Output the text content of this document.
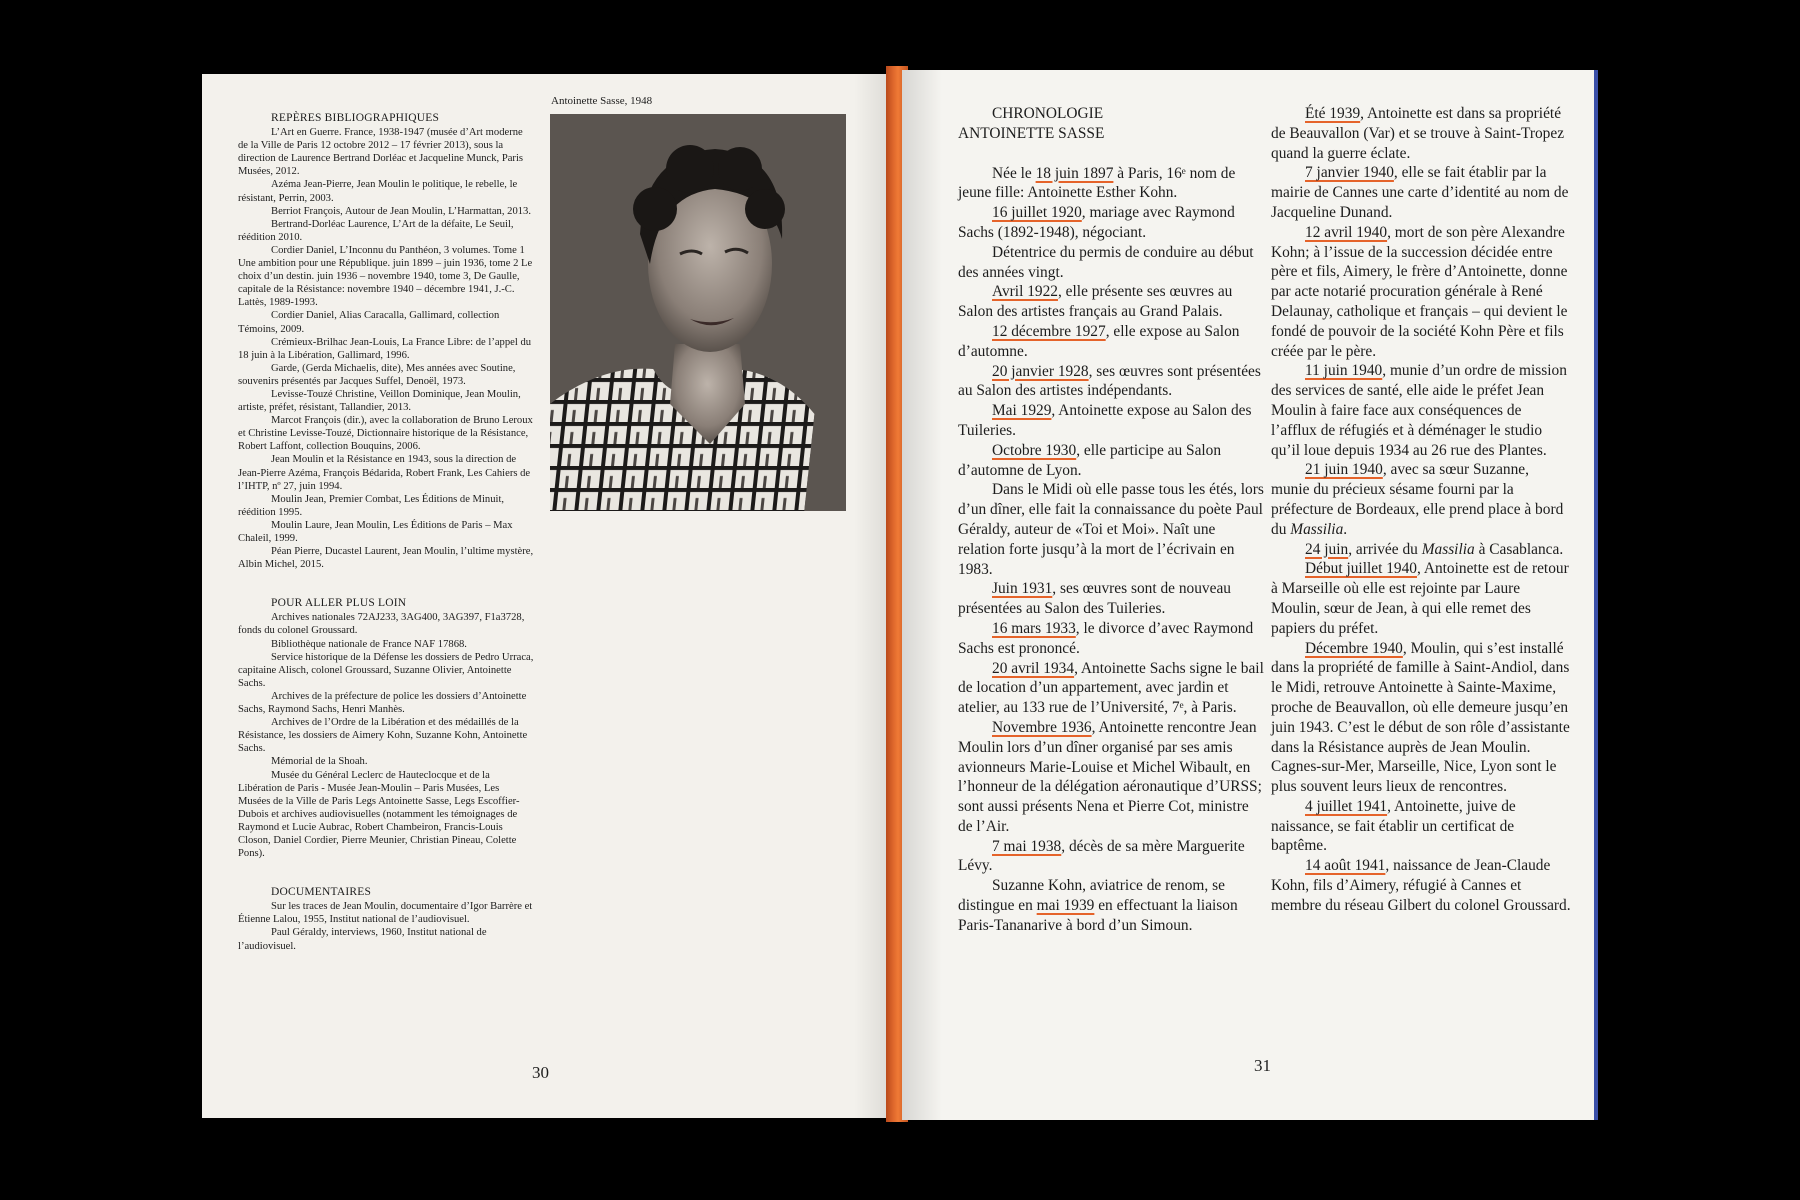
REPÈRES BIBLIOGRAPHIQUES

L’Art en Guerre. France, 1938-1947 (musée d’Art moderne de la Ville de Paris 12 octobre 2012 – 17 février 2013), sous la direction de Laurence Bertrand Dorléac et Jacqueline Munck, Paris Musées, 2012.

Azéma Jean-Pierre, Jean Moulin le politique, le rebelle, le résistant, Perrin, 2003.

Berriot François, Autour de Jean Moulin, L’Harmattan, 2013.

Bertrand-Dorléac Laurence, L’Art de la défaite, Le Seuil, réédition 2010.

Cordier Daniel, L’Inconnu du Panthéon, 3 volumes. Tome 1 Une ambition pour une République. juin 1899 – juin 1936, tome 2 Le choix d’un destin. juin 1936 – novembre 1940, tome 3, De Gaulle, capitale de la Résistance: novembre 1940 – décembre 1941, J.-C. Lattès, 1989-1993.

Cordier Daniel, Alias Caracalla, Gallimard, collection Témoins, 2009.

Crémieux-Brilhac Jean-Louis, La France Libre: de l’appel du 18 juin à la Libération, Gallimard, 1996.

Garde, (Gerda Michaelis, dite), Mes années avec Soutine, souvenirs présentés par Jacques Suffel, Denoël, 1973.

Levisse-Touzé Christine, Veillon Dominique, Jean Moulin, artiste, préfet, résistant, Tallandier, 2013.

Marcot François (dir.), avec la collaboration de Bruno Leroux et Christine Levisse-Touzé, Dictionnaire historique de la Résistance, Robert Laffont, collection Bouquins, 2006.

Jean Moulin et la Résistance en 1943, sous la direction de Jean-Pierre Azéma, François Bédarida, Robert Frank, Les Cahiers de l’IHTP, nº 27, juin 1994.

Moulin Jean, Premier Combat, Les Éditions de Minuit, réédition 1995.

Moulin Laure, Jean Moulin, Les Éditions de Paris – Max Chaleil, 1999.

Péan Pierre, Ducastel Laurent, Jean Moulin, l’ultime mystère, Albin Michel, 2015.

POUR ALLER PLUS LOIN

Archives nationales 72AJ233, 3AG400, 3AG397, F1a3728, fonds du colonel Groussard.

Bibliothèque nationale de France NAF 17868.

Service historique de la Défense les dossiers de Pedro Urraca, capitaine Alisch, colonel Groussard, Suzanne Olivier, Antoinette Sachs.

Archives de la préfecture de police les dossiers d’Antoinette Sachs, Raymond Sachs, Henri Manhès.

Archives de l’Ordre de la Libération et des médaillés de la Résistance, les dossiers de Aimery Kohn, Suzanne Kohn, Antoinette Sachs.

Mémorial de la Shoah.

Musée du Général Leclerc de Hauteclocque et de la Libération de Paris - Musée Jean-Moulin – Paris Musées, Les Musées de la Ville de Paris Legs Antoinette Sasse, Legs Escoffier-Dubois et archives audiovisuelles (notamment les témoignages de Raymond et Lucie Aubrac, Robert Chambeiron, Francis-Louis Closon, Daniel Cordier, Pierre Meunier, Christian Pineau, Colette Pons).

DOCUMENTAIRES

Sur les traces de Jean Moulin, documentaire d’Igor Barrère et Étienne Lalou, 1955, Institut national de l’audiovisuel.

Paul Géraldy, interviews, 1960, Institut national de l’audiovisuel.

Antoinette Sasse, 1948
30
CHRONOLOGIE
ANTOINETTE SASSE

Née le 18 juin 1897 à Paris, 16ᵉ nom de jeune fille: Antoinette Esther Kohn.

16 juillet 1920, mariage avec Raymond Sachs (1892-1948), négociant.

Détentrice du permis de conduire au début des années vingt.

Avril 1922, elle présente ses œuvres au Salon des artistes français au Grand Palais.

12 décembre 1927, elle expose au Salon d’automne.

20 janvier 1928, ses œuvres sont présentées au Salon des artistes indépendants.

Mai 1929, Antoinette expose au Salon des Tuileries.

Octobre 1930, elle participe au Salon d’automne de Lyon.

Dans le Midi où elle passe tous les étés, lors d’un dîner, elle fait la connaissance du poète Paul Géraldy, auteur de «Toi et Moi». Naît une relation forte jusqu’à la mort de l’écrivain en 1983.

Juin 1931, ses œuvres sont de nouveau présentées au Salon des Tuileries.

16 mars 1933, le divorce d’avec Raymond Sachs est prononcé.

20 avril 1934, Antoinette Sachs signe le bail de location d’un appartement, avec jardin et atelier, au 133 rue de l’Université, 7ᵉ, à Paris.

Novembre 1936, Antoinette rencontre Jean Moulin lors d’un dîner organisé par ses amis avionneurs Marie-Louise et Michel Wibault, en l’honneur de la délégation aéronautique d’URSS; sont aussi présents Nena et Pierre Cot, ministre de l’Air.

7 mai 1938, décès de sa mère Marguerite Lévy.

Suzanne Kohn, aviatrice de renom, se distingue en mai 1939 en effectuant la liaison Paris-Tananarive à bord d’un Simoun.

Été 1939, Antoinette est dans sa propriété de Beauvallon (Var) et se trouve à Saint-Tropez quand la guerre éclate.

7 janvier 1940, elle se fait établir par la mairie de Cannes une carte d’identité au nom de Jacqueline Dunand.

12 avril 1940, mort de son père Alexandre Kohn; à l’issue de la succession décidée entre père et fils, Aimery, le frère d’Antoinette, donne par acte notarié procuration générale à René Delaunay, catholique et français – qui devient le fondé de pouvoir de la société Kohn Père et fils créée par le père.

11 juin 1940, munie d’un ordre de mission des services de santé, elle aide le préfet Jean Moulin à faire face aux conséquences de l’afflux de réfugiés et à déménager le studio qu’il loue depuis 1934 au 26 rue des Plantes.

21 juin 1940, avec sa sœur Suzanne, munie du précieux sésame fourni par la préfecture de Bordeaux, elle prend place à bord du Massilia.

24 juin, arrivée du Massilia à Casablanca.

Début juillet 1940, Antoinette est de retour à Marseille où elle est rejointe par Laure Moulin, sœur de Jean, à qui elle remet des papiers du préfet.

Décembre 1940, Moulin, qui s’est installé dans la propriété de famille à Saint-Andiol, dans le Midi, retrouve Antoinette à Sainte-Maxime, proche de Beauvallon, où elle demeure jusqu’en juin 1943. C’est le début de son rôle d’assistante dans la Résistance auprès de Jean Moulin. Cagnes-sur-Mer, Marseille, Nice, Lyon sont le plus souvent leurs lieux de rencontres.

4 juillet 1941, Antoinette, juive de naissance, se fait établir un certificat de baptême.

14 août 1941, naissance de Jean-Claude Kohn, fils d’Aimery, réfugié à Cannes et membre du réseau Gilbert du colonel Groussard.

31
